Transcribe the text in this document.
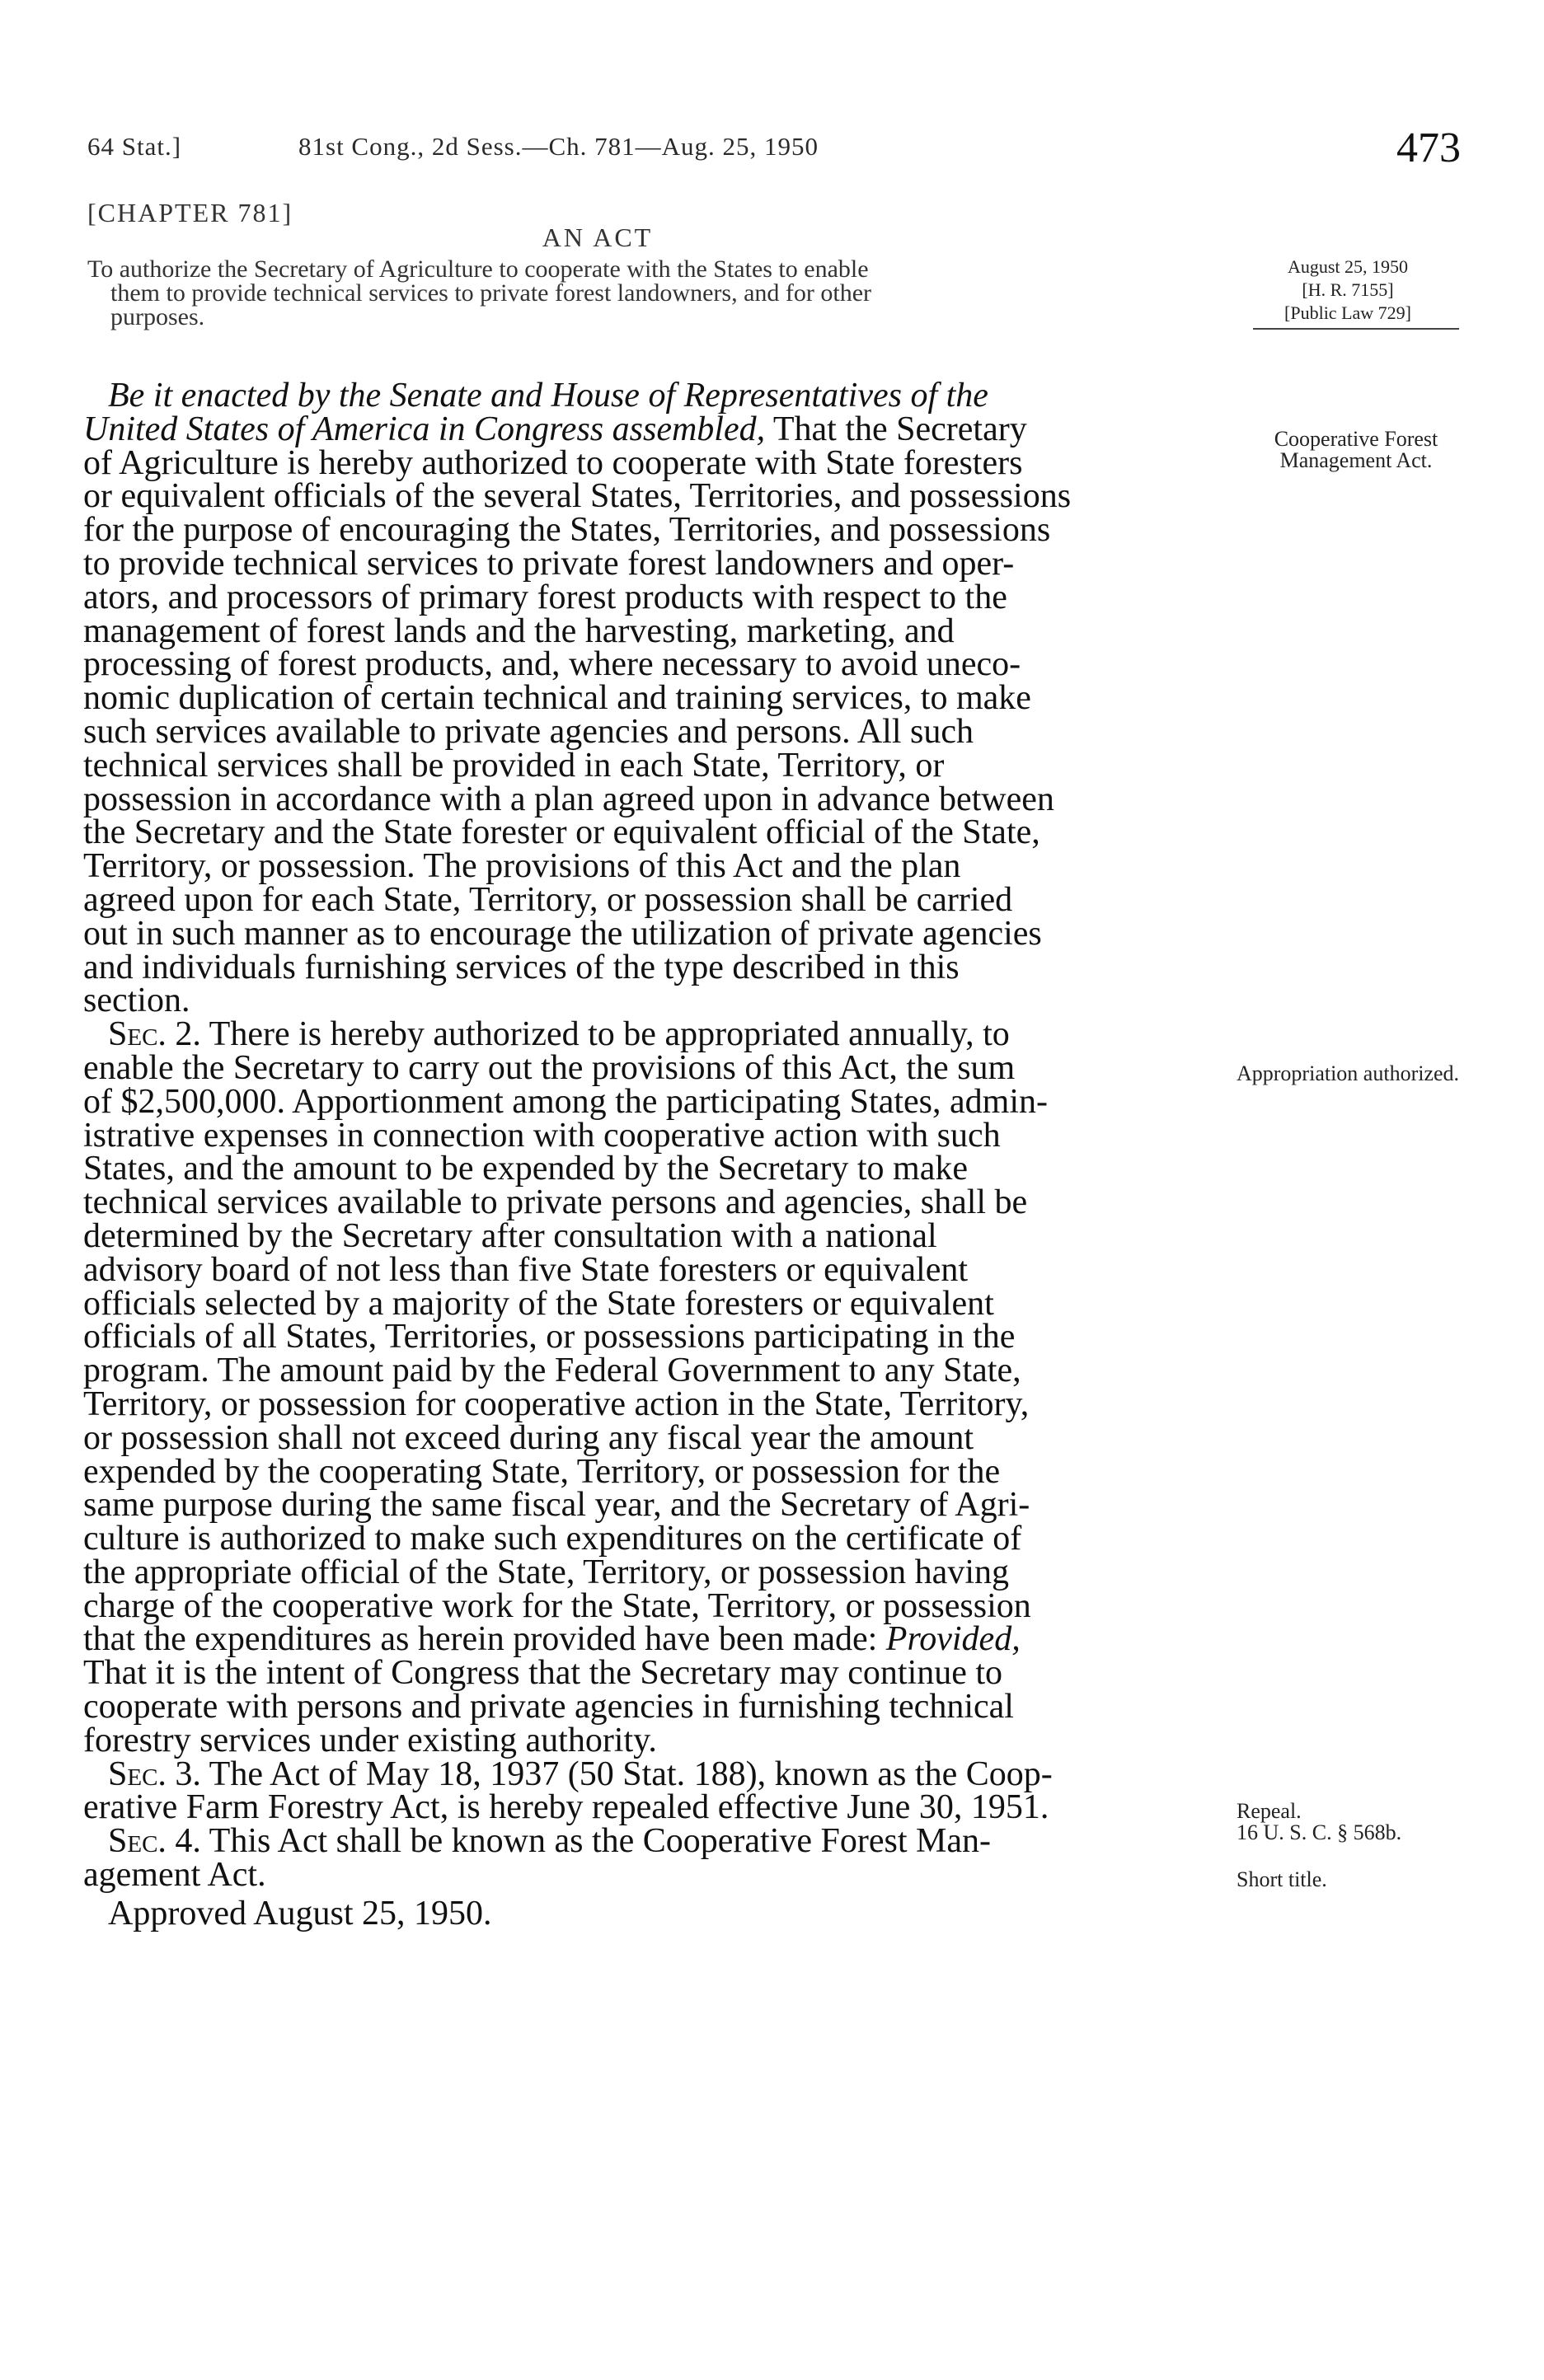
64 Stat.]	81st Cong., 2d Sess.—Ch. 781—Aug. 25, 1950	473
[CHAPTER 781]
AN ACT
To authorize the Secretary of Agriculture to cooperate with the States to enable
them to provide technical services to private forest landowners, and for other
purposes.
August 25, 1950
[H. R. 7155]
[Public Law 729]
Cooperative Forest Management Act.
Appropriation authorized.
Repeal.
16 U. S. C. § 568b.
Short title.
Be it enacted by the Senate and House of Representatives of the
United States of America in Congress assembled, That the Secretary
of Agriculture is hereby authorized to cooperate with State foresters
or equivalent officials of the several States, Territories, and possessions
for the purpose of encouraging the States, Territories, and possessions
to provide technical services to private forest landowners and oper-
ators, and processors of primary forest products with respect to the
management of forest lands and the harvesting, marketing, and
processing of forest products, and, where necessary to avoid uneco-
nomic duplication of certain technical and training services, to make
such services available to private agencies and persons. All such
technical services shall be provided in each State, Territory, or
possession in accordance with a plan agreed upon in advance between
the Secretary and the State forester or equivalent official of the State,
Territory, or possession. The provisions of this Act and the plan
agreed upon for each State, Territory, or possession shall be carried
out in such manner as to encourage the utilization of private agencies
and individuals furnishing services of the type described in this
section.
Sec. 2. There is hereby authorized to be appropriated annually, to
enable the Secretary to carry out the provisions of this Act, the sum
of $2,500,000. Apportionment among the participating States, admin-
istrative expenses in connection with cooperative action with such
States, and the amount to be expended by the Secretary to make
technical services available to private persons and agencies, shall be
determined by the Secretary after consultation with a national
advisory board of not less than five State foresters or equivalent
officials selected by a majority of the State foresters or equivalent
officials of all States, Territories, or possessions participating in the
program. The amount paid by the Federal Government to any State,
Territory, or possession for cooperative action in the State, Territory,
or possession shall not exceed during any fiscal year the amount
expended by the cooperating State, Territory, or possession for the
same purpose during the same fiscal year, and the Secretary of Agri-
culture is authorized to make such expenditures on the certificate of
the appropriate official of the State, Territory, or possession having
charge of the cooperative work for the State, Territory, or possession
that the expenditures as herein provided have been made: Provided,
That it is the intent of Congress that the Secretary may continue to
cooperate with persons and private agencies in furnishing technical
forestry services under existing authority.
Sec. 3. The Act of May 18, 1937 (50 Stat. 188), known as the Coop-
erative Farm Forestry Act, is hereby repealed effective June 30, 1951.
Sec. 4. This Act shall be known as the Cooperative Forest Man-
agement Act.
Approved August 25, 1950.
